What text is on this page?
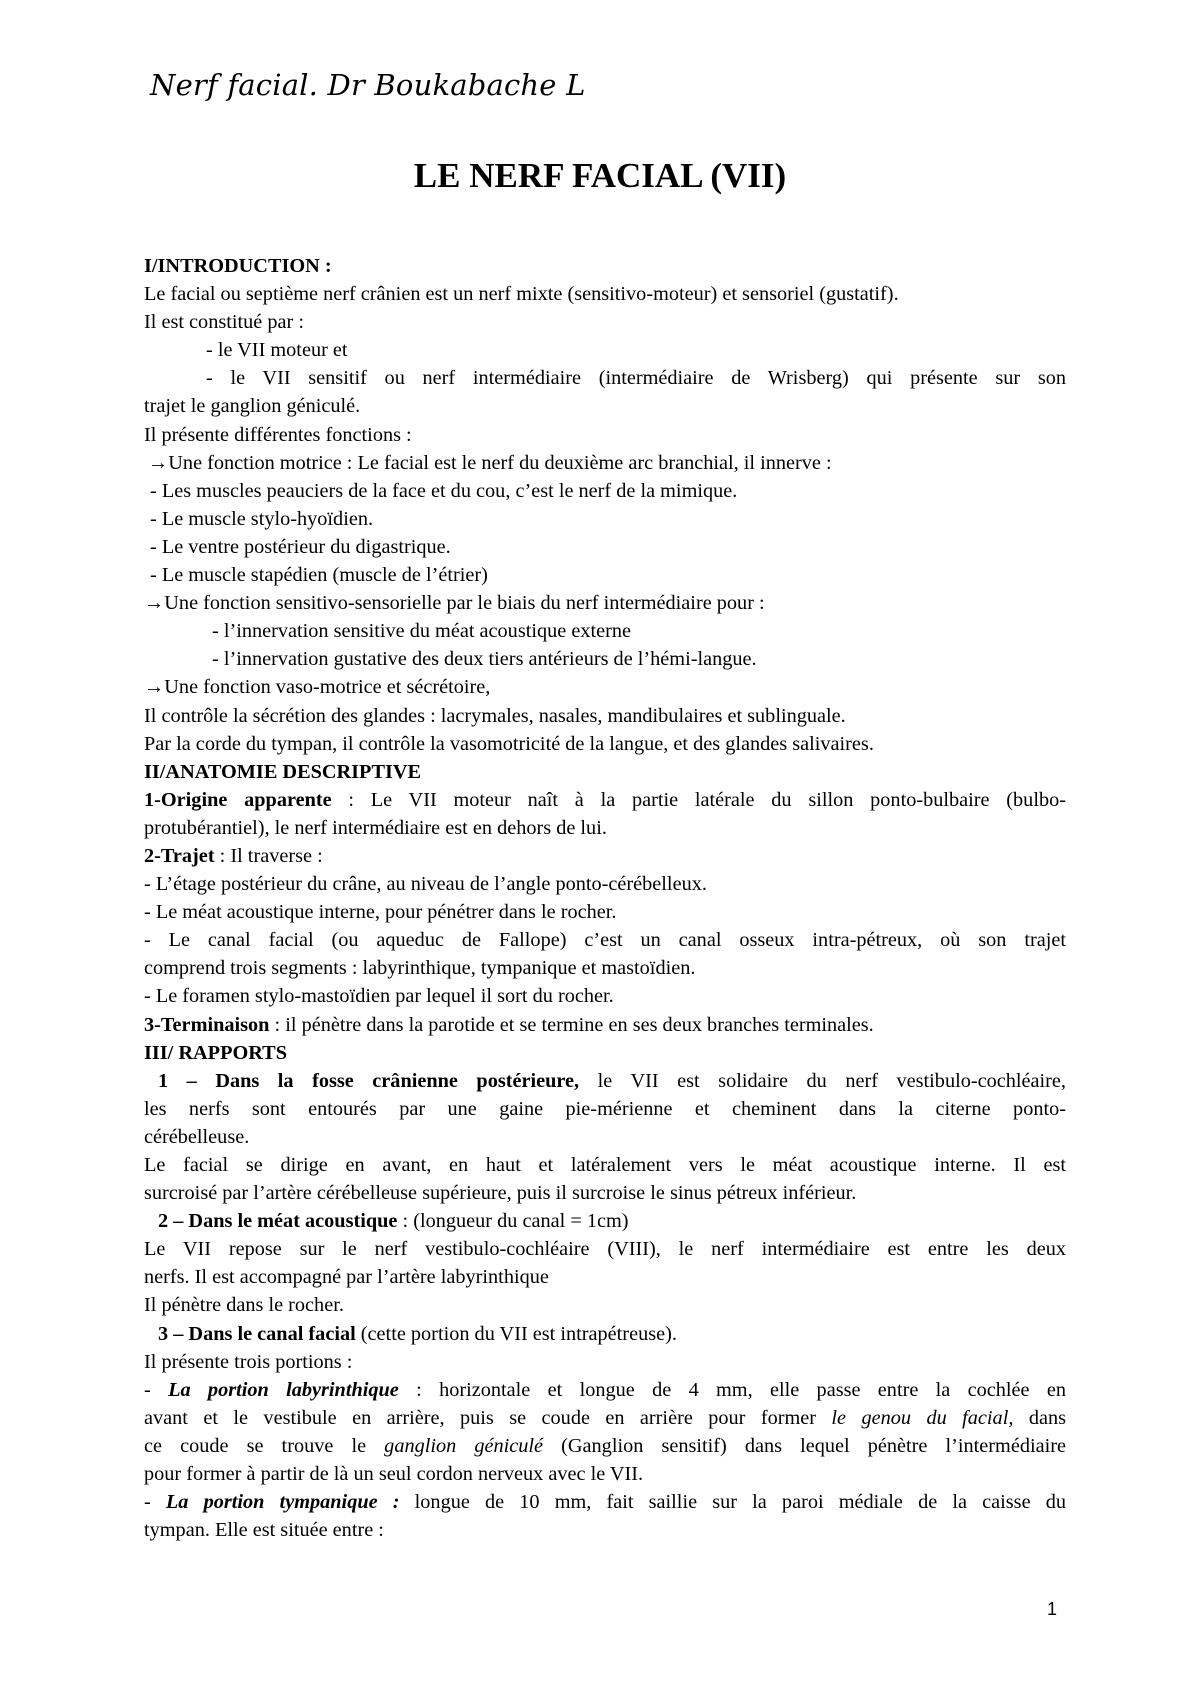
Nerf facial. Dr Boukabache L
LE NERF FACIAL (VII)
I/INTRODUCTION :
Le facial ou septième nerf crânien est un nerf mixte (sensitivo-moteur) et sensoriel (gustatif).
Il est constitué par :
- le VII moteur et
- le VII sensitif ou nerf intermédiaire (intermédiaire de Wrisberg) qui présente sur son
trajet le ganglion géniculé.
Il présente différentes fonctions :
→Une fonction motrice : Le facial est le nerf du deuxième arc branchial, il innerve :
- Les muscles peauciers de la face et du cou, c’est le nerf de la mimique.
- Le muscle stylo-hyoïdien.
- Le ventre postérieur du digastrique.
- Le muscle stapédien (muscle de l’étrier)
→Une fonction sensitivo-sensorielle par le biais du nerf intermédiaire pour :
- l’innervation sensitive du méat acoustique externe
- l’innervation gustative des deux tiers antérieurs de l’hémi-langue.
→Une fonction vaso-motrice et sécrétoire,
Il contrôle la sécrétion des glandes : lacrymales, nasales, mandibulaires et sublinguale.
Par la corde du tympan, il contrôle la vasomotricité de la langue, et des glandes salivaires.
II/ANATOMIE DESCRIPTIVE
1-Origine apparente : Le VII moteur naît à la partie latérale du sillon ponto-bulbaire (bulbo-
protubérantiel), le nerf intermédiaire est en dehors de lui.
2-Trajet : Il traverse :
- L’étage postérieur du crâne, au niveau de l’angle ponto-cérébelleux.
- Le méat acoustique interne, pour pénétrer dans le rocher.
- Le canal facial (ou aqueduc de Fallope) c’est un canal osseux intra-pétreux, où son trajet
comprend trois segments : labyrinthique, tympanique et mastoïdien.
- Le foramen stylo-mastoïdien par lequel il sort du rocher.
3-Terminaison : il pénètre dans la parotide et se termine en ses deux branches terminales.
III/ RAPPORTS
1 – Dans la fosse crânienne postérieure, le VII est solidaire du nerf vestibulo-cochléaire,
les nerfs sont entourés par une gaine pie-mérienne et cheminent dans la citerne ponto-
cérébelleuse.
Le facial se dirige en avant, en haut et latéralement vers le méat acoustique interne. Il est
surcroisé par l’artère cérébelleuse supérieure, puis il surcroise le sinus pétreux inférieur.
2 – Dans le méat acoustique : (longueur du canal = 1cm)
Le VII repose sur le nerf vestibulo-cochléaire (VIII), le nerf intermédiaire est entre les deux
nerfs. Il est accompagné par l’artère labyrinthique
Il pénètre dans le rocher.
3 – Dans le canal facial (cette portion du VII est intrapétreuse).
Il présente trois portions :
- La portion labyrinthique : horizontale et longue de 4 mm, elle passe entre la cochlée en
avant et le vestibule en arrière, puis se coude en arrière pour former le genou du facial, dans
ce coude se trouve le ganglion géniculé (Ganglion sensitif) dans lequel pénètre l’intermédiaire
pour former à partir de là un seul cordon nerveux avec le VII.
- La portion tympanique : longue de 10 mm, fait saillie sur la paroi médiale de la caisse du
tympan. Elle est située entre :
1
